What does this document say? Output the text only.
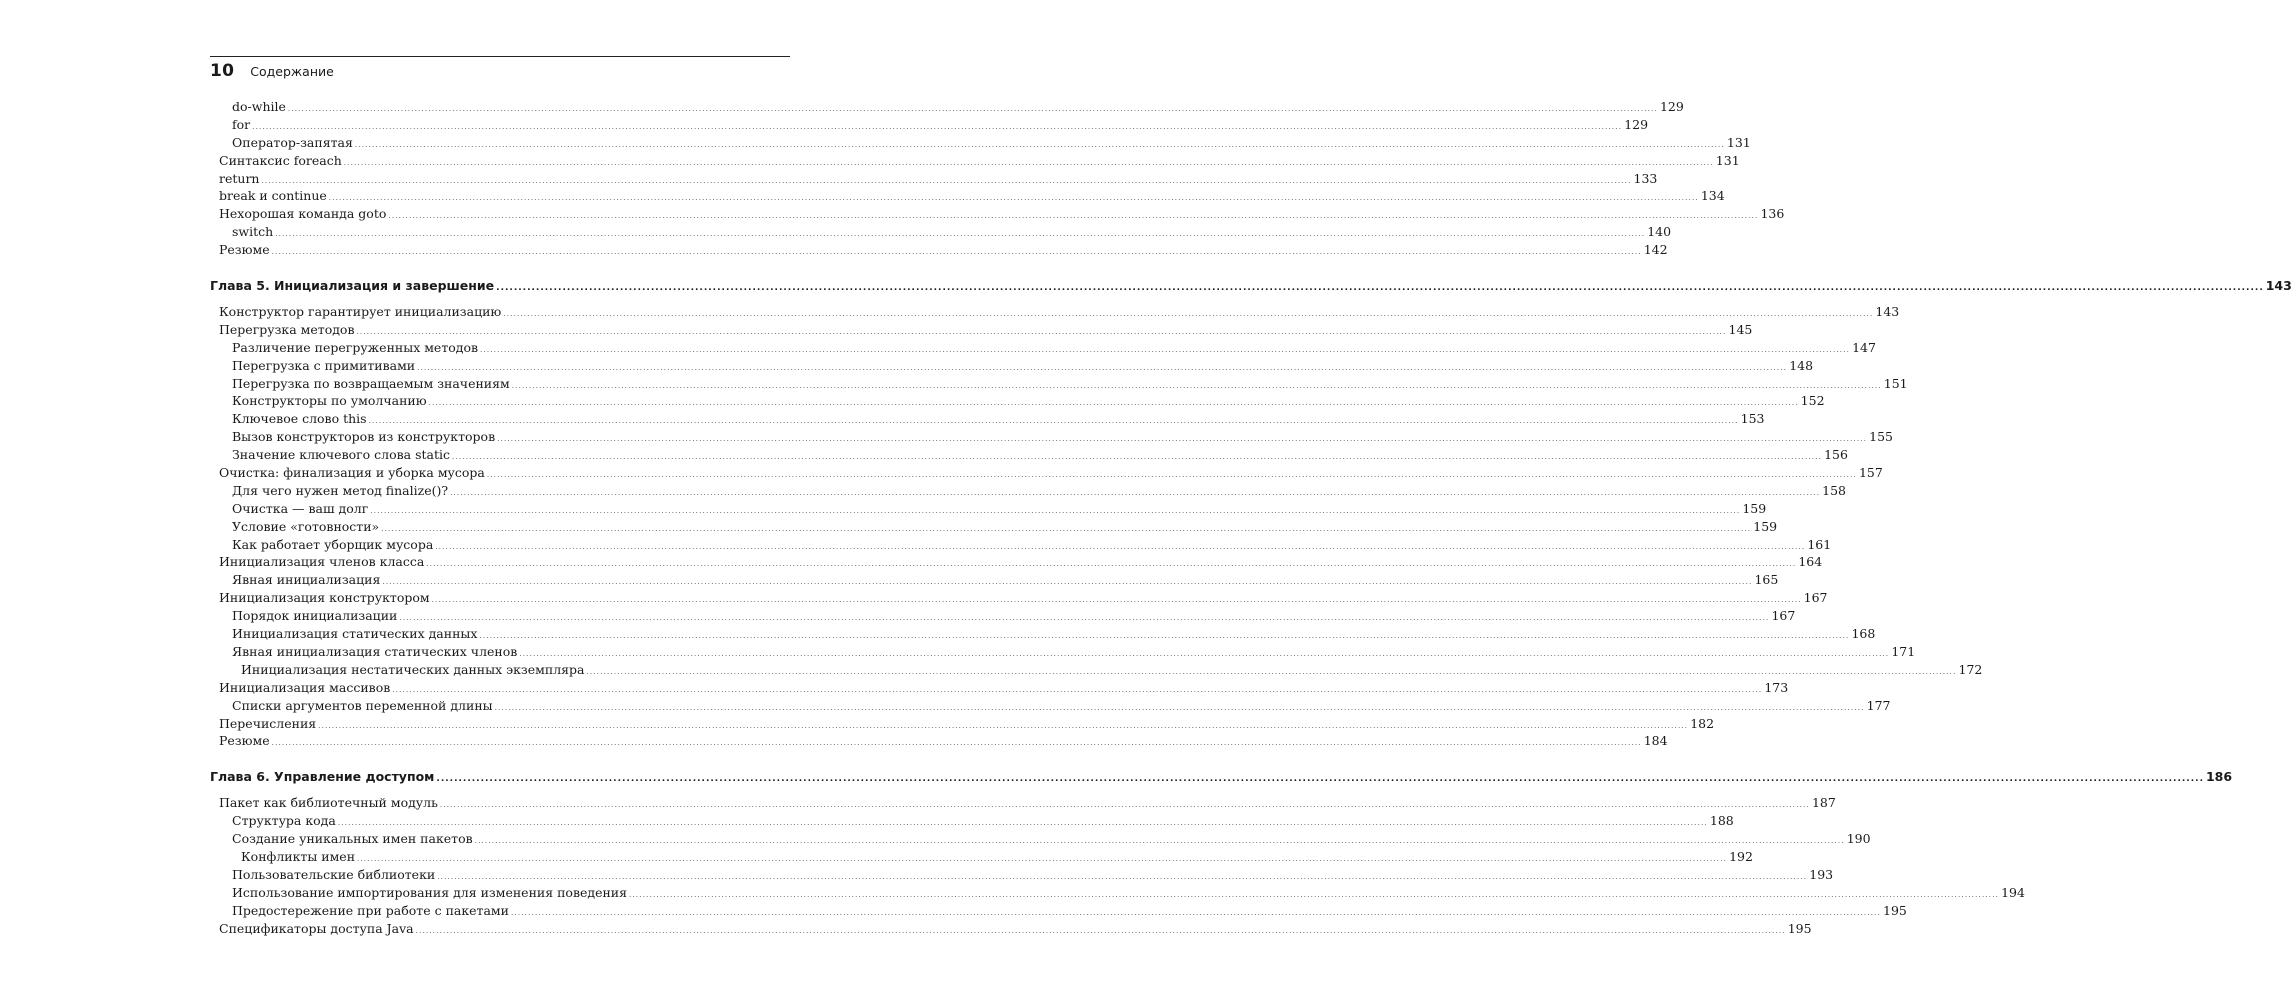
10 Содержание
do-while ................................................................................................................................................................................................................................................................................................................................................................................................................ 129
for ................................................................................................................................................................................................................................................................................................................................................................................................................ 129
Оператор-запятая ................................................................................................................................................................................................................................................................................................................................................................................................................ 131
Синтаксис foreach ................................................................................................................................................................................................................................................................................................................................................................................................................ 131
return ................................................................................................................................................................................................................................................................................................................................................................................................................ 133
break и continue ................................................................................................................................................................................................................................................................................................................................................................................................................ 134
Нехорошая команда goto ................................................................................................................................................................................................................................................................................................................................................................................................................ 136
switch ................................................................................................................................................................................................................................................................................................................................................................................................................ 140
Резюме ................................................................................................................................................................................................................................................................................................................................................................................................................ 142
Глава 5. Инициализация и завершение ................................................................................................................................................................................................................................................................................................................................................................................................................ 143
Конструктор гарантирует инициализацию ................................................................................................................................................................................................................................................................................................................................................................................................................ 143
Перегрузка методов ................................................................................................................................................................................................................................................................................................................................................................................................................ 145
Различение перегруженных методов ................................................................................................................................................................................................................................................................................................................................................................................................................ 147
Перегрузка с примитивами ................................................................................................................................................................................................................................................................................................................................................................................................................ 148
Перегрузка по возвращаемым значениям ................................................................................................................................................................................................................................................................................................................................................................................................................ 151
Конструкторы по умолчанию ................................................................................................................................................................................................................................................................................................................................................................................................................ 152
Ключевое слово this ................................................................................................................................................................................................................................................................................................................................................................................................................ 153
Вызов конструкторов из конструкторов ................................................................................................................................................................................................................................................................................................................................................................................................................ 155
Значение ключевого слова static ................................................................................................................................................................................................................................................................................................................................................................................................................ 156
Очистка: финализация и уборка мусора ................................................................................................................................................................................................................................................................................................................................................................................................................ 157
Для чего нужен метод finalize()? ................................................................................................................................................................................................................................................................................................................................................................................................................ 158
Очистка — ваш долг ................................................................................................................................................................................................................................................................................................................................................................................................................ 159
Условие «готовности» ................................................................................................................................................................................................................................................................................................................................................................................................................ 159
Как работает уборщик мусора ................................................................................................................................................................................................................................................................................................................................................................................................................ 161
Инициализация членов класса ................................................................................................................................................................................................................................................................................................................................................................................................................ 164
Явная инициализация ................................................................................................................................................................................................................................................................................................................................................................................................................ 165
Инициализация конструктором ................................................................................................................................................................................................................................................................................................................................................................................................................ 167
Порядок инициализации ................................................................................................................................................................................................................................................................................................................................................................................................................ 167
Инициализация статических данных ................................................................................................................................................................................................................................................................................................................................................................................................................ 168
Явная инициализация статических членов ................................................................................................................................................................................................................................................................................................................................................................................................................ 171
Инициализация нестатических данных экземпляра ................................................................................................................................................................................................................................................................................................................................................................................................................ 172
Инициализация массивов ................................................................................................................................................................................................................................................................................................................................................................................................................ 173
Списки аргументов переменной длины ................................................................................................................................................................................................................................................................................................................................................................................................................ 177
Перечисления ................................................................................................................................................................................................................................................................................................................................................................................................................ 182
Резюме ................................................................................................................................................................................................................................................................................................................................................................................................................ 184
Глава 6. Управление доступом ................................................................................................................................................................................................................................................................................................................................................................................................................ 186
Пакет как библиотечный модуль ................................................................................................................................................................................................................................................................................................................................................................................................................ 187
Структура кода ................................................................................................................................................................................................................................................................................................................................................................................................................ 188
Создание уникальных имен пакетов ................................................................................................................................................................................................................................................................................................................................................................................................................ 190
Конфликты имен ................................................................................................................................................................................................................................................................................................................................................................................................................ 192
Пользовательские библиотеки ................................................................................................................................................................................................................................................................................................................................................................................................................ 193
Использование импортирования для изменения поведения ................................................................................................................................................................................................................................................................................................................................................................................................................ 194
Предостережение при работе с пакетами ................................................................................................................................................................................................................................................................................................................................................................................................................ 195
Спецификаторы доступа Java ................................................................................................................................................................................................................................................................................................................................................................................................................ 195
